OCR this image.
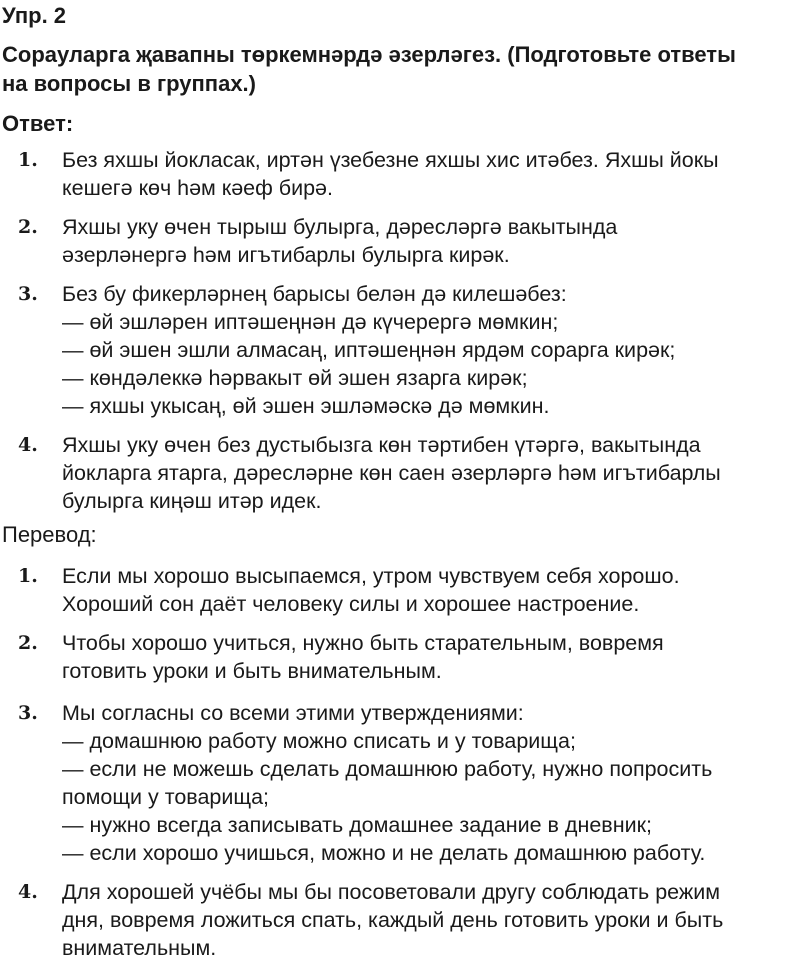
Упр. 2
Сорауларга җавапны төркемнәрдә әзерләгез. (Подготовьте ответы
на вопросы в группах.)
Ответ:
1.	Без яхшы йокласак, иртән үзебезне яхшы хис итәбез. Яхшы йокы
кешегә көч һәм кәеф бирә.
2.	Яхшы уку өчен тырыш булырга, дәресләргә вакытында
әзерләнергә һәм игътибарлы булырга кирәк.
3.	Без бу фикерләрнең барысы белән дә килешәбез:
— өй эшләрен иптәшеңнән дә күчерергә мөмкин;
— өй эшен эшли алмасаң, иптәшеңнән ярдәм сорарга кирәк;
— көндәлеккә һәрвакыт өй эшен язарга кирәк;
— яхшы укысаң, өй эшен эшләмәскә дә мөмкин.
4.	Яхшы уку өчен без дустыбызга көн тәртибен үтәргә, вакытында
йокларга ятарга, дәресләрне көн саен әзерләргә һәм игътибарлы
булырга киңәш итәр идек.
Перевод:
1.	Если мы хорошо высыпаемся, утром чувствуем себя хорошо.
Хороший сон даёт человеку силы и хорошее настроение.
2.	Чтобы хорошо учиться, нужно быть старательным, вовремя
готовить уроки и быть внимательным.
3.	Мы согласны со всеми этими утверждениями:
— домашнюю работу можно списать и у товарища;
— если не можешь сделать домашнюю работу, нужно попросить
помощи у товарища;
— нужно всегда записывать домашнее задание в дневник;
— если хорошо учишься, можно и не делать домашнюю работу.
4.	Для хорошей учёбы мы бы посоветовали другу соблюдать режим
дня, вовремя ложиться спать, каждый день готовить уроки и быть
внимательным.
